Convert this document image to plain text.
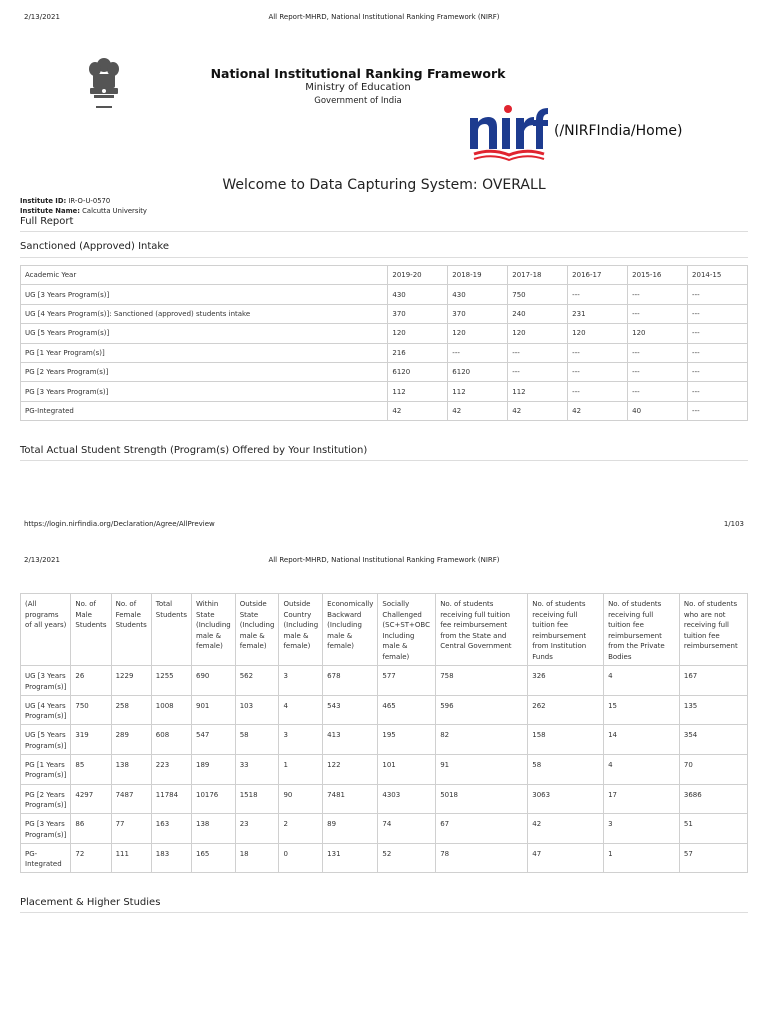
2/13/2021	All Report-MHRD, National Institutional Ranking Framework (NIRF)
National Institutional Ranking Framework
Ministry of Education
Government of India
(/NIRFIndia/Home)
Welcome to Data Capturing System: OVERALL
Institute ID: IR-O-U-0570
Institute Name: Calcutta University
Full Report
Sanctioned (Approved) Intake
Academic Year	2019-20	2018-19	2017-18	2016-17	2015-16	2014-15
UG [3 Years Program(s)]	430	430	750	---	---	---
UG [4 Years Program(s)]: Sanctioned (approved) students intake	370	370	240	231	---	---
UG [5 Years Program(s)]	120	120	120	120	120	---
PG [1 Year Program(s)]	216	---	---	---	---	---
PG [2 Years Program(s)]	6120	6120	---	---	---	---
PG [3 Years Program(s)]	112	112	112	---	---	---
PG-Integrated	42	42	42	42	40	---
Total Actual Student Strength (Program(s) Offered by Your Institution)
https://login.nirfindia.org/Declaration/Agree/AllPreview	1/103
2/13/2021	All Report-MHRD, National Institutional Ranking Framework (NIRF)
(All programs of all years)	No. of Male Students	No. of Female Students	Total Students	Within State (Including male & female)	Outside State (Including male & female)	Outside Country (Including male & female)	Economically Backward (Including male & female)	Socially Challenged (SC+ST+OBC Including male & female)	No. of students receiving full tuition fee reimbursement from the State and Central Government	No. of students receiving full tuition fee reimbursement from Institution Funds	No. of students receiving full tuition fee reimbursement from the Private Bodies	No. of students who are not receiving full tuition fee reimbursement
UG [3 Years Program(s)]	26	1229	1255	690	562	3	678	577	758	326	4	167
UG [4 Years Program(s)]	750	258	1008	901	103	4	543	465	596	262	15	135
UG [5 Years Program(s)]	319	289	608	547	58	3	413	195	82	158	14	354
PG [1 Years Program(s)]	85	138	223	189	33	1	122	101	91	58	4	70
PG [2 Years Program(s)]	4297	7487	11784	10176	1518	90	7481	4303	5018	3063	17	3686
PG [3 Years Program(s)]	86	77	163	138	23	2	89	74	67	42	3	51
PG-Integrated	72	111	183	165	18	0	131	52	78	47	1	57
Placement & Higher Studies
